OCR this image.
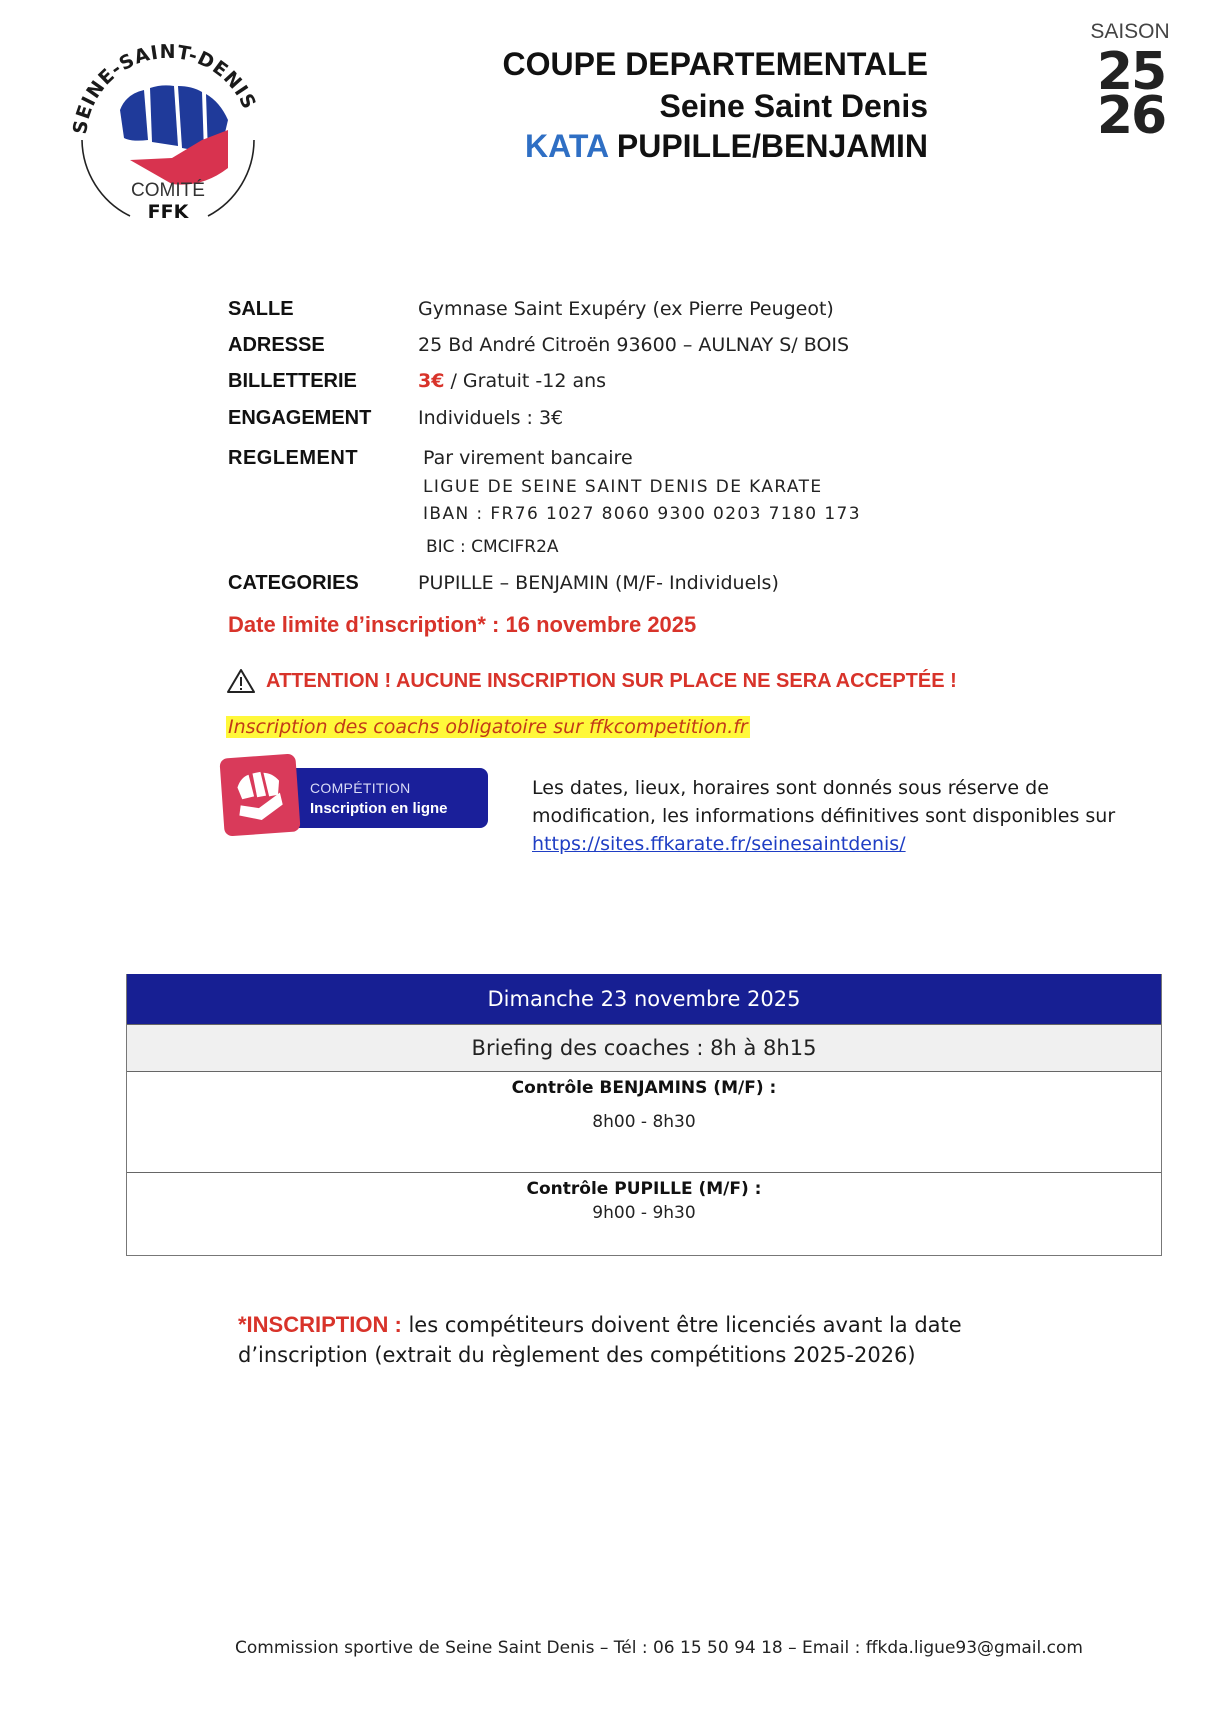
SEINE-SAINT-DENIS
COMITÉ
FFK
COUPE DEPARTEMENTALE
Seine Saint Denis
KATA PUPILLE/BENJAMIN
SAISON
25
26
SALLE	Gymnase Saint Exupéry (ex Pierre Peugeot)
ADRESSE	25 Bd André Citroën 93600 – AULNAY S/ BOIS
BILLETTERIE	3€ / Gratuit -12 ans
ENGAGEMENT Individuels : 3€
REGLEMENT	Par virement bancaire
LIGUE DE SEINE SAINT DENIS DE KARATE
IBAN : FR76 1027 8060 9300 0203 7180 173
BIC : CMCIFR2A
CATEGORIES	PUPILLE – BENJAMIN (M/F- Individuels)
Date limite d’inscription* : 16 novembre 2025
ATTENTION ! AUCUNE INSCRIPTION SUR PLACE NE SERA ACCEPTÉE !
Inscription des coachs obligatoire sur ffkcompetition.fr
COMPÉTITION
Inscription en ligne
Les dates, lieux, horaires sont donnés sous réserve de modification, les informations définitives sont disponibles sur https://sites.ffkarate.fr/seinesaintdenis/
Dimanche 23 novembre 2025
Briefing des coaches : 8h à 8h15
Contrôle BENJAMINS (M/F) :
8h00 - 8h30
Contrôle PUPILLE (M/F) :
9h00 - 9h30
*INSCRIPTION : les compétiteurs doivent être licenciés avant la date d’inscription (extrait du règlement des compétitions 2025-2026)
Commission sportive de Seine Saint Denis – Tél : 06 15 50 94 18 – Email : ffkda.ligue93@gmail.com
